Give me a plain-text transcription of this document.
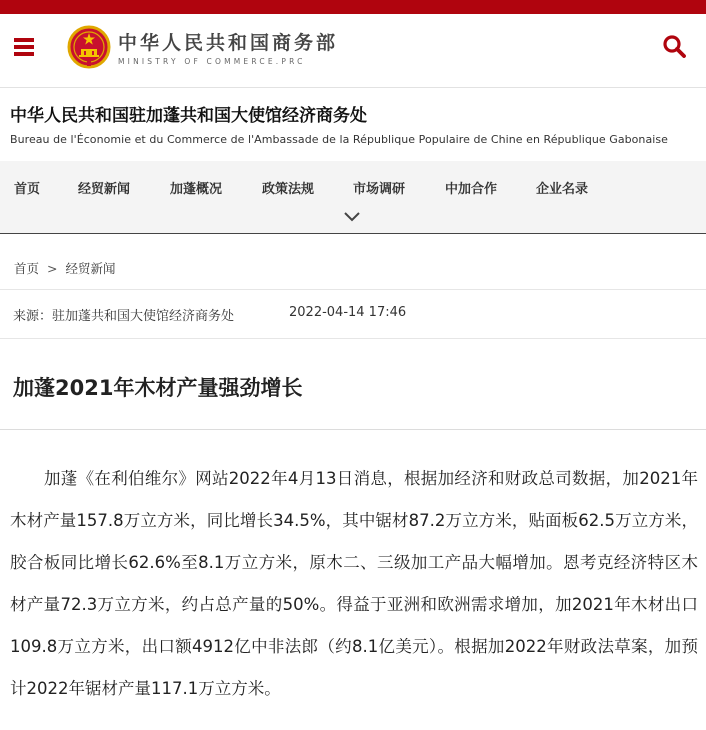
中华人民共和国商务部
MINISTRY OF COMMERCE.PRC
中华人民共和国驻加蓬共和国大使馆经济商务处
Bureau de l'Économie et du Commerce de l'Ambassade de la République Populaire de Chine en République Gabonaise
首页	经贸新闻	加蓬概况	政策法规	市场调研	中加合作	企业名录
首页 > 经贸新闻
来源：驻加蓬共和国大使馆经济商务处	2022-04-14 17:46
加蓬2021年木材产量强劲增长

加蓬《在利伯维尔》网站2022年4月13日消息，根据加经济和财政总司数据，加2021年木材产量157.8万立方米，同比增长34.5%，其中锯材87.2万立方米，贴面板62.5万立方米，胶合板同比增长62.6%至8.1万立方米，原木二、三级加工产品大幅增加。恩考克经济特区木材产量72.3万立方米，约占总产量的50%。得益于亚洲和欧洲需求增加，加2021年木材出口109.8万立方米，出口额4912亿中非法郎（约8.1亿美元）。根据加2022年财政法草案，加预计2022年锯材产量117.1万立方米。
